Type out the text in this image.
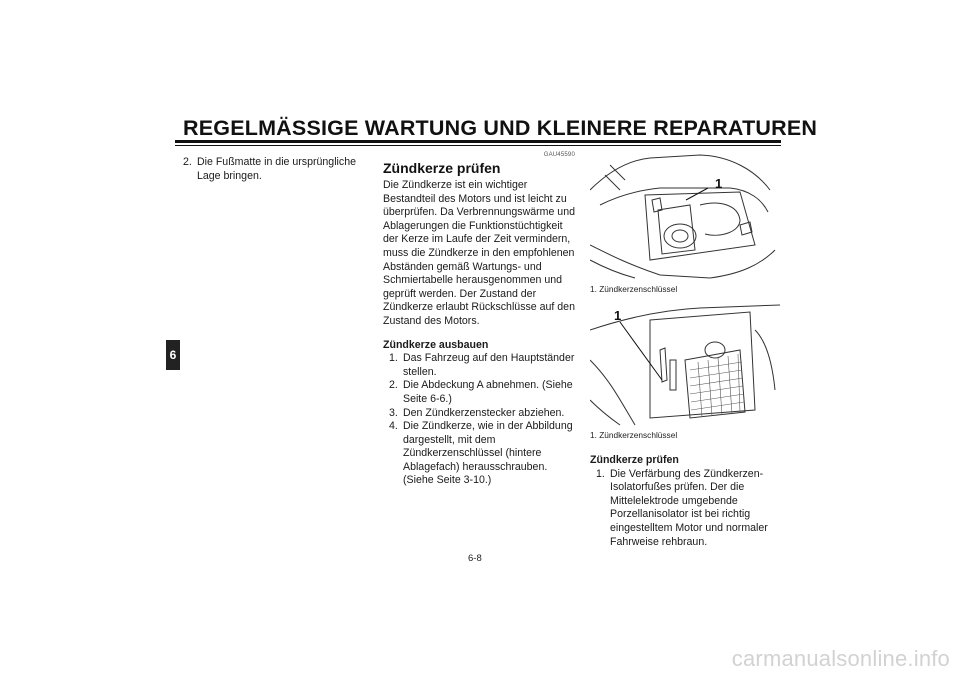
REGELMÄSSIGE WARTUNG UND KLEINERE REPARATUREN
6
2. Die Fußmatte in die ursprüngliche Lage bringen.
GAU45590
Zündkerze prüfen
Die Zündkerze ist ein wichtiger Bestandteil des Motors und ist leicht zu überprüfen. Da Verbrennungswärme und Ablagerungen die Funktionstüchtigkeit der Kerze im Laufe der Zeit vermindern, muss die Zündkerze in den empfohlenen Abständen gemäß Wartungs- und Schmiertabelle herausgenommen und geprüft werden. Der Zustand der Zündkerze erlaubt Rückschlüsse auf den Zustand des Motors.
Zündkerze ausbauen
1. Das Fahrzeug auf den Hauptständer stellen.
2. Die Abdeckung A abnehmen. (Siehe Seite 6-6.)
3. Den Zündkerzenstecker abziehen.
4. Die Zündkerze, wie in der Abbildung dargestellt, mit dem Zündkerzenschlüssel (hintere Ablagefach) herausschrauben. (Siehe Seite 3-10.)
1
1. Zündkerzenschlüssel
1
1. Zündkerzenschlüssel
Zündkerze prüfen
1. Die Verfärbung des Zündkerzen-Isolatorfußes prüfen. Der die Mittelelektrode umgebende Porzellanisolator ist bei richtig eingestelltem Motor und normaler Fahrweise rehbraun.
6-8
carmanualsonline.info
